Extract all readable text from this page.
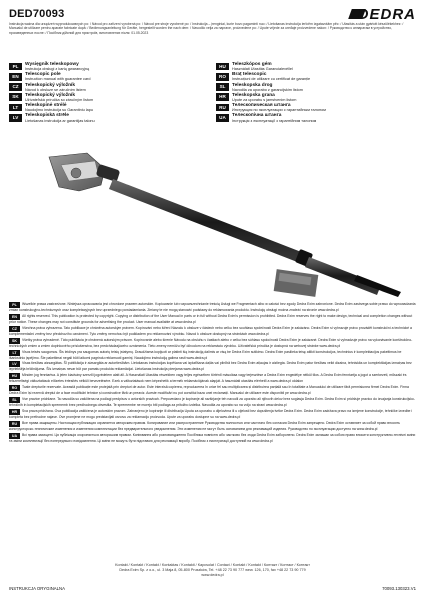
DED70093	DEDRA
Instrukcja ważna dla urządzeń wyprodukowanych po: / Návod pro zařízení vyrobená po: / Návod pre stroje vyrobené po: / Instrukcija – įrenginiai, kurie buvo pagaminti nuo: / Lietošanas instrukcija ierīcēm izgatavotām pēc: / Utasítás a után gyártott készülékekhez: / Manualul de utilizare pentru aparate fabricate după: / Bedienungsanleitung für Geräte, hergestellt worden the nach dem: / Navodilo velja za naprave, proizvedene po: / Upute vrijede za uređaje proizvedene nakon: / Руководство к аппаратам в устройство, произведенных после: / Посібник дійсний для пристроїв, виготовлених після: 01.05.2023
PL	Wysięgnik teleskopowy
Instrukcja obsługi z kartą gwarancyjną
EN	Telescopic pole
Instruction manual with guarantee card
CZ	Teleskopický výložník
Návod k obsluze se záručním listem
SK	Teleskopický výložník
Užívateľská príručka so záručným listom
LT	Teleskopinė strėlė
Naudojimo instrukcija su Garantiniu lapu
LV	Teleskopiskā strēle
Lietošanas instrukcija ar garantijas talonu
HU	Teleszkópos gém
Használati Utasítás Garancialevéllel
RO	Braț telescopic
Instrucțiuni de utilizare cu certificat de garanție
SL	Teleskopska drog
Navodila za uporabo z garancijskim listom
HR	Teleskopska grana
Upute za uporabu s jamstvenim listom
RU	Телескопическая штанга
Инструкция по эксплуатации с гарантийным талоном
UA	Телескопічна штанга
Інструкція з експлуатації з гарантійним талоном
PL Wszelkie prawa zastrzeżone. Niniejsza opracowania jest chronione prawem autorskim. Kopiowanie lub rozpowszechnianie treścią Usługi we Fragmentach albo w całości bez zgody Dedra Exim zabronione. Dedra Exim zastrzega sobie prawo do wprowadzania zmian konstrukcyjno-technicznych oraz kompletacyjnych bez uprzedniego powiadamiania. Zmiany te nie mogą stanowić podstawy do reklamowania produktu. Instrukcję obsługi można znaleźć na stronie www.dedra.pl
EN All rights reserved. This publication is protected by copyright. Copying or distribution of the User Manual in parts or in full without Dedra Exim's permission is prohibited. Dedra Exim reserves the right to make design, technical and completion changes without prior notice. These changes may not constitute grounds for advertising the product. User manual available at www.dedra.pl
CZ Všechna práva vyhrazena. Tato publikace je chráněna autorským právem. Kopírování nebo šíření Návodu k obsluze v částech nebo celku bez souhlasu společnosti Dedra Exim je zakázáno. Dedra Exim si vyhrazuje právo provádět konstrukční a technické a komplementační změny bez předchozího oznámení. Tyto změny nemohou být podkladem pro reklamování výrobku. Návod k obsluze dostupný na stránkách www.dedra.pl
SK Všetky práva vyhradené. Táto publikácia je chránená autorským právom. Kopírovanie alebo šírenie Návodu na obsluhu v častiach alebo v celku bez súhlasu spoločnosti Dedra Exim je zakázané. Dedra Exim si vyhradzuje právo na vykonávanie konštrukčno-technických zmien a zmien doplnkového príslušenstva, bez predchádzajúceho oznámenia. Tieto zmeny nemôžu byť dôvodom na reklamáciu výrobku. Užívateľská príručka je dostupná na webovej stránke www.dedra.pl
LT Visos teisės saugomos. Šis leidinys yra saugomas autorių teisių įstatymų. Draudžiama kopijuoti ar platinti šią instrukciją dalimis ar visą be Dedra Exim sutikimo. Dedra Exim pasilieka teisę atlikti konstrukcijos, techninius ir komplektacijos pakeitimus be išankstinio įspėjimo. Šie pakeitimai negali būti laikomi pagrindu reklamuoti gaminį. Naudojimo instrukciją galima rasti www.dedra.pl
LV Visas tiesības aizsargātas. Šī publikācija ir aizsargāta ar autortiesībām. Lietošanas instrukcijas kopēšana vai izplatīšana daļās vai pilnībā bez Dedra Exim atļaujas ir aizliegta. Dedra Exim patur tiesības veikt dizaina, tehniskās un komplektācijas izmaiņas bez iepriekšēja brīdinājuma. Šīs izmaiņas nevar būt par pamatu produkta reklamācijai. Lietošanas instrukcija pieejama www.dedra.pl
HU Minden jog fenntartva. A jelen kiadvány szerzői jogvédelem alatt áll. A Használati Utasítás részekben vagy teljes egészében történő másolása vagy terjesztése a Dedra Exim engedélye nélkül tilos. A Dedra Exim fenntartja a jogot a szerkezeti, műszaki és felszereltségi változtatások előzetes értesítés nélküli bevezetésére. Ezek a változtatások nem képezhetik a termék reklamációjának alapját. A használati utasítás elérhető a www.dedra.pl oldalon
RO Toate drepturile rezervate. Această publicație este protejată prin drepturi de autor. Este interzisă copierea, reproducerea în orice fel sau multiplicarea și distribuirea parțială sau în totalitate a Manualului de utilizare fără permisiunea firmei Dedra Exim. Firma Dedra Exim își rezervă dreptul de a face modificări tehnice și constructive fără un preaviz. Aceste modificări nu pot constitui baza unei reclamații. Manualul de utilizare este disponibil pe www.dedra.pl
SL Vse pravice pridržane. Ta navodila so zaščitena na podlagi predpisov o avtorskih pravicah. Prepovedano je kopiranje ali razširjanje teh navodil za uporabo ali njihovih delov brez soglasja Dedra Exim. Dedra Exim si pridržuje pravico do izvajanja konstrukcijsko-tehničnih in kompletacijskih sprememb brez predhodnega obvestila. Te spremembe ne morejo biti podlaga za pritožbo izdelka. Navodila za uporabo so na voljo na strani www.dedra.pl
HR Sva prava pridržana. Ova publikacija zaštićena je autorskim pravom. Zabranjeno je kopiranje ili distribucija Uputa za uporabu u dijelovima ili u cijelosti bez dopuštenja tvrtke Dedra Exim. Dedra Exim zadržava pravo na izmjene konstrukcije, tehničke izvedbe i kompleta bez prethodne najave. Ove promjene ne mogu predstavljati osnovu za reklamaciju proizvoda. Upute za uporabu dostupne su na www.dedra.pl
RU Все права защищены. Настоящая публикация охраняется авторским правом. Копирование или распространение Руководства полностью или частично без согласия Dedra Exim запрещено. Dedra Exim оставляет за собой право вносить конструкторско-технические изменения и изменения комплектации без предварительного уведомления. Эти изменения не могут быть основанием для рекламаций изделия. Руководство по эксплуатации доступно на www.dedra.pl
UA Всі права захищені. Ця публікація охороняється авторським правом. Копіювання або розповсюдження Посібника повністю або частково без згоди Dedra Exim заборонено. Dedra Exim залишає за собою право вносити конструктивно-технічні зміни та зміни комплектації без попереднього повідомлення. Ці зміни не можуть бути підставою для рекламації виробу. Посібник з експлуатації доступний на www.dedra.pl
Kontakt / Kontakt / Kontakt / Kontaktas / Kontakti / Kapcsolat / Contact / Kontakt / Kontakt / Контакт / Контакт / Контакт
Dedra Exim Sp. z o.o., ul. 3 Maja 8, 05-800 Pruszków, Tel. +48 22 73 90 777 wew. 126, 170, fax +48 22 73 90 779
www.dedra.pl
INSTRUKCJA ORYGINALNA	70093.130323.V1
